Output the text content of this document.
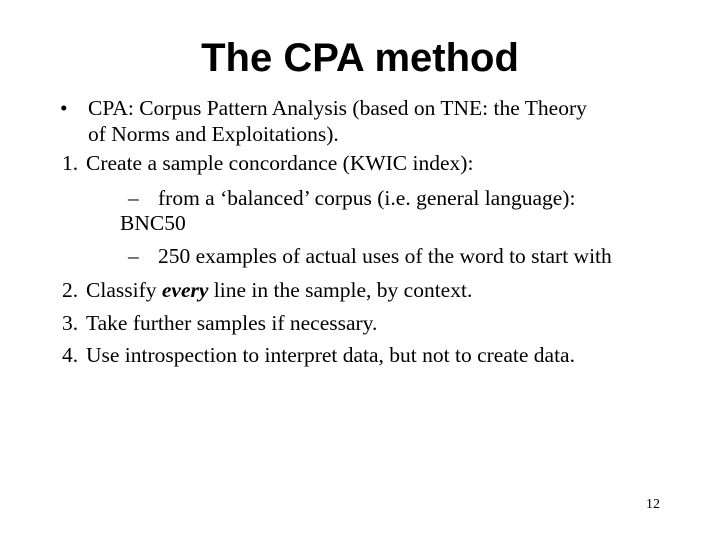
The CPA method
• CPA: Corpus Pattern Analysis (based on TNE: the Theory
of Norms and Exploitations).
1. Create a sample concordance (KWIC index):
– from a ‘balanced’ corpus (i.e. general language):
BNC50
– 250 examples of actual uses of the word to start with
2. Classify every line in the sample, by context.
3. Take further samples if necessary.
4. Use introspection to interpret data, but not to create data.
12
